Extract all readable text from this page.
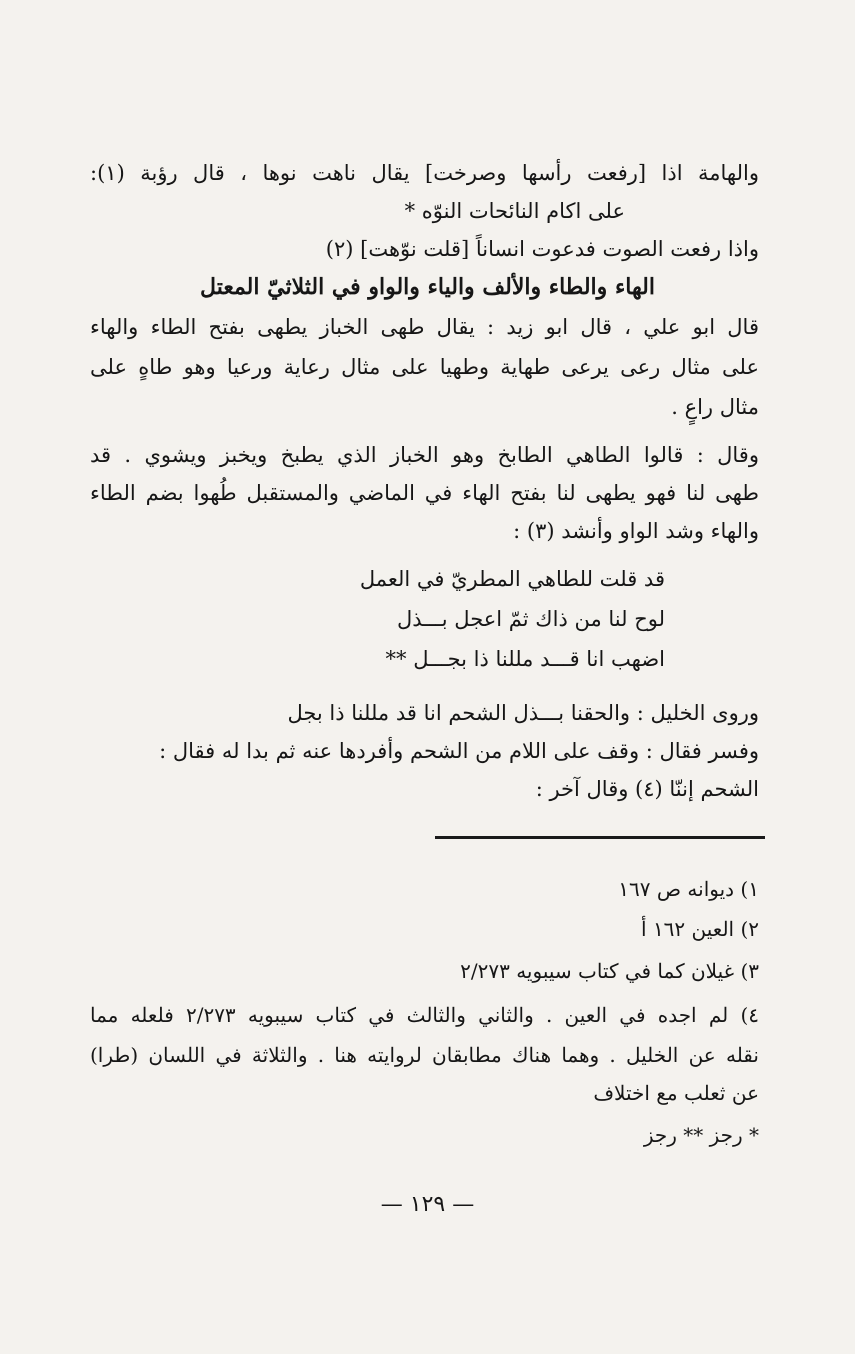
والهامة اذا [رفعت رأسها وصرخت] يقال ناهت نوها ، قال رؤبة (١):
على اكام النائحات النوّه *
واذا رفعت الصوت فدعوت انساناً [قلت نوّهت] (٢)
الهاء والطاء والألف والياء والواو في الثلاثيّ المعتل
قال ابو علي ، قال ابو زيد : يقال طهى الخباز يطهى بفتح الطاء والهاء
على مثال رعى يرعى طهاية وطهيا على مثال رعاية ورعيا وهو طاهٍ على
مثال راعٍ .
وقال : قالوا الطاهي الطابخ وهو الخباز الذي يطبخ ويخبز ويشوي . قد
طهى لنا فهو يطهى لنا بفتح الهاء في الماضي والمستقبل طُهوا بضم الطاء
والهاء وشد الواو وأنشد (٣) :
قد قلت للطاهي المطريّ في العمل
لوح لنا من ذاك ثمّ اعجل بـــذل
اضهب انا قـــد مللنا ذا بجـــل **
وروى الخليل : والحقنا بـــذل الشحم انا قد مللنا ذا بجل
وفسر فقال : وقف على اللام من الشحم وأفردها عنه ثم بدا له فقال :
الشحم إننّا (٤) وقال آخر :
١) ديوانه ص ١٦٧
٢) العين ١٦٢ أ
٣) غيلان كما في كتاب سيبويه ٢/٢٧٣
٤) لم اجده في العين . والثاني والثالث في كتاب سيبويه ٢/٢٧٣ فلعله مما
نقله عن الخليل . وهما هناك مطابقان لروايته هنا . والثلاثة في اللسان (طرا)
عن ثعلب مع اختلاف
* رجز ** رجز
— ١٢٩ —
